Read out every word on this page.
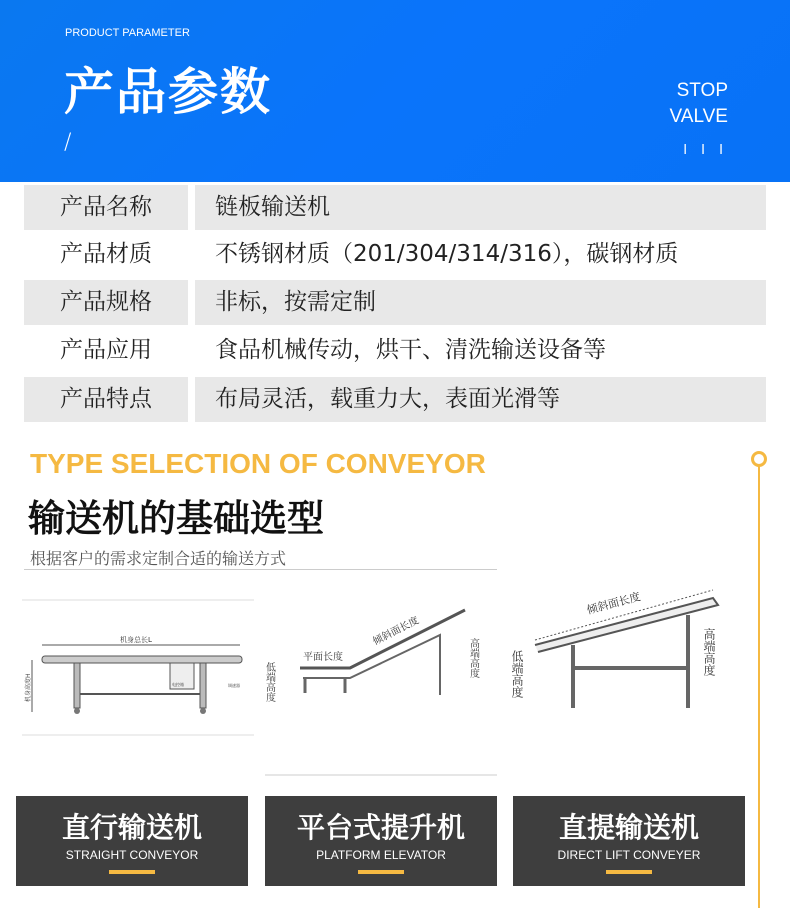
PRODUCT PARAMETER
产品参数
/
STOP
VALVE
I I I
产品名称	链板输送机
产品材质	不锈钢材质（201/304/314/316），碳钢材质
产品规格	非标，按需定制
产品应用	食品机械传动，烘干、清洗输送设备等
产品特点	布局灵活，载重力大，表面光滑等
TYPE SELECTION OF CONVEYOR
输送机的基础选型
根据客户的需求定制合适的输送方式
机身总长L
电控箱	调速器
机身高度H
平面长度
倾斜面长度
低端高度
高端高度
倾斜面长度
低端高度	高端高度
直行输送机
STRAIGHT CONVEYOR
平台式提升机
PLATFORM ELEVATOR
直提输送机
DIRECT LIFT CONVEYER
